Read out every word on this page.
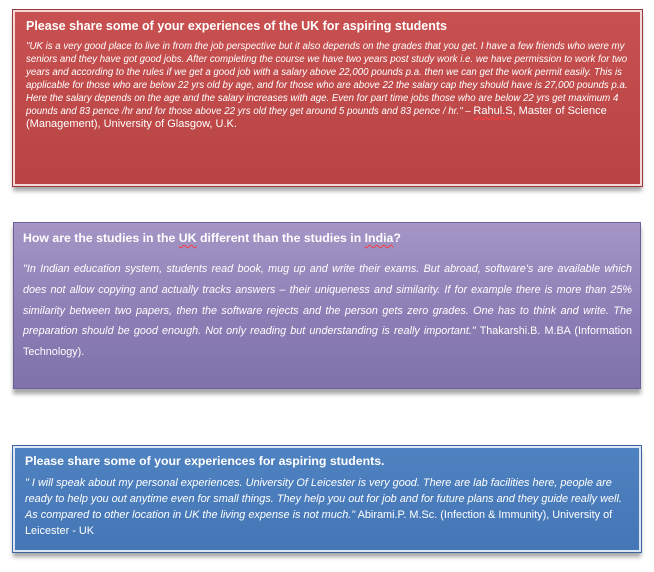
Please share some of your experiences of the UK for aspiring students

"UK is a very good place to live in from the job perspective but it also depends on the grades that you get. I have a few friends who were my seniors and they have got good jobs. After completing the course we have two years post study work i.e. we have permission to work for two years and according to the rules if we get a good job with a salary above 22,000 pounds p.a. then we can get the work permit easily. This is applicable for those who are below 22 yrs old by age, and for those who are above 22 the salary cap they should have is 27,000 pounds p.a. Here the salary depends on the age and the salary increases with age. Even for part time jobs those who are below 22 yrs get maximum 4 pounds and 83 pence /hr and for those above 22 yrs old they get around 5 pounds and 83 pence / hr." – Rahul.S, Master of Science (Management), University of Glasgow, U.K.

How are the studies in the UK different than the studies in India?

"In Indian education system, students read book, mug up and write their exams. But abroad, software's are available which does not allow copying and actually tracks answers – their uniqueness and similarity. If for example there is more than 25% similarity between two papers, then the software rejects and the person gets zero grades. One has to think and write. The preparation should be good enough. Not only reading but understanding is really important." Thakarshi.B. M.BA (Information Technology).

Please share some of your experiences for aspiring students.

" I will speak about my personal experiences. University Of Leicester is very good. There are lab facilities here, people are ready to help you out anytime even for small things. They help you out for job and for future plans and they guide really well. As compared to other location in UK the living expense is not much." Abirami.P. M.Sc. (Infection & Immunity), University of Leicester - UK
